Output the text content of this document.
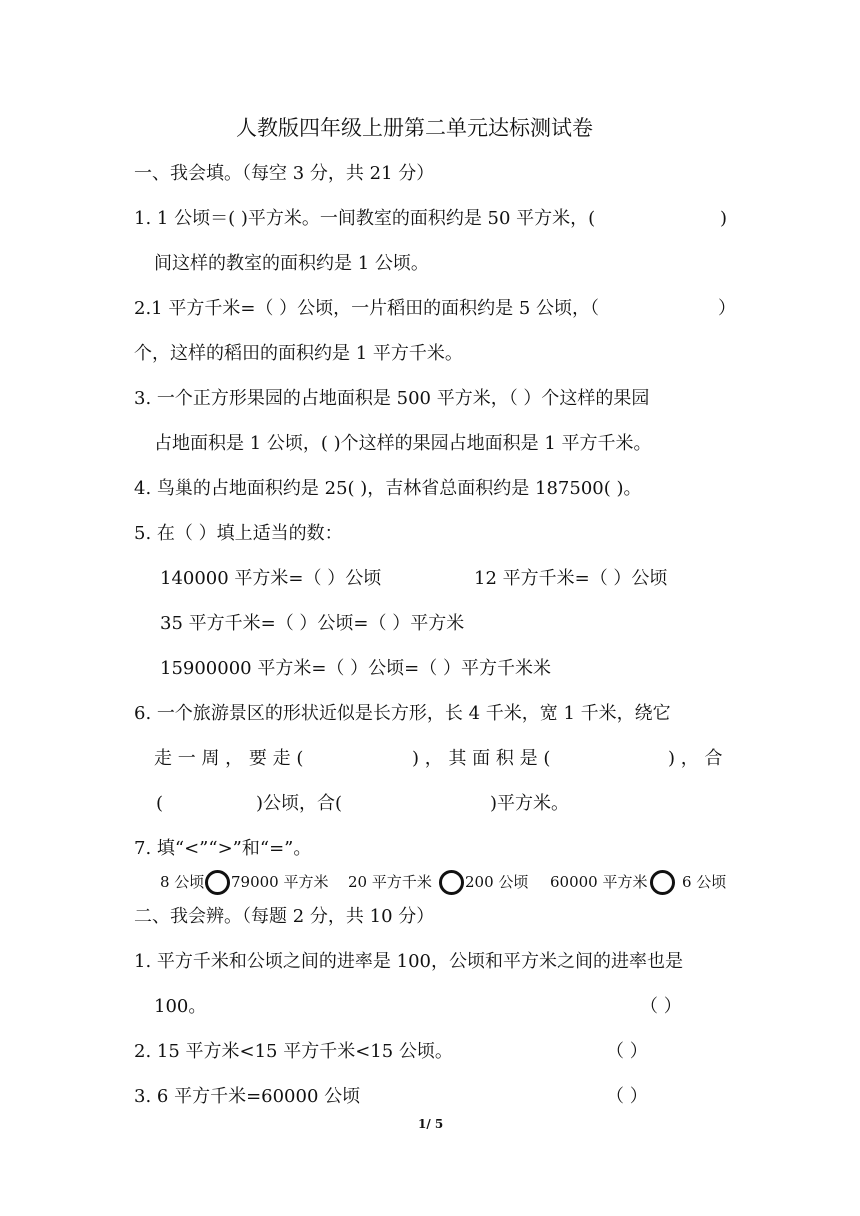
人教版四年级上册第二单元达标测试卷
一、我会填。（每空 3 分，共 21 分）
1. 1 公顷＝( )平方米。一间教室的面积约是 50 平方米，(	)
间这样的教室的面积约是 1 公顷。
2.1 平方千米=（ ）公顷，一片稻田的面积约是 5 公顷，（	）
个，这样的稻田的面积约是 1 平方千米。
3. 一个正方形果园的占地面积是 500 平方米，（ ）个这样的果园
占地面积是 1 公顷，( )个这样的果园占地面积是 1 平方千米。
4. 鸟巢的占地面积约是 25( )，吉林省总面积约是 187500( )。
5. 在（ ）填上适当的数：
140000 平方米=（ ）公顷	12 平方千米=（ ）公顷
35 平方千米=（ ）公顷=（ ）平方米
15900000 平方米=（ ）公顷=（ ）平方千米米
6. 一个旅游景区的形状近似是长方形，长 4 千米，宽 1 千米，绕它
走 一 周 ， 要 走 (	) ， 其 面 积 是 (	) ， 合
(	)公顷，合(	)平方米。
7. 填“<”“>”和“=”。
8 公顷 79000 平方米 20 平方千米 200 公顷 60000 平方米 6 公顷
二、我会辨。（每题 2 分，共 10 分）
1. 平方千米和公顷之间的进率是 100，公顷和平方米之间的进率也是
100。	（ ）
2. 15 平方米<15 平方千米<15 公顷。	（ ）
3. 6 平方千米=60000 公顷	（ ）
1/ 5
